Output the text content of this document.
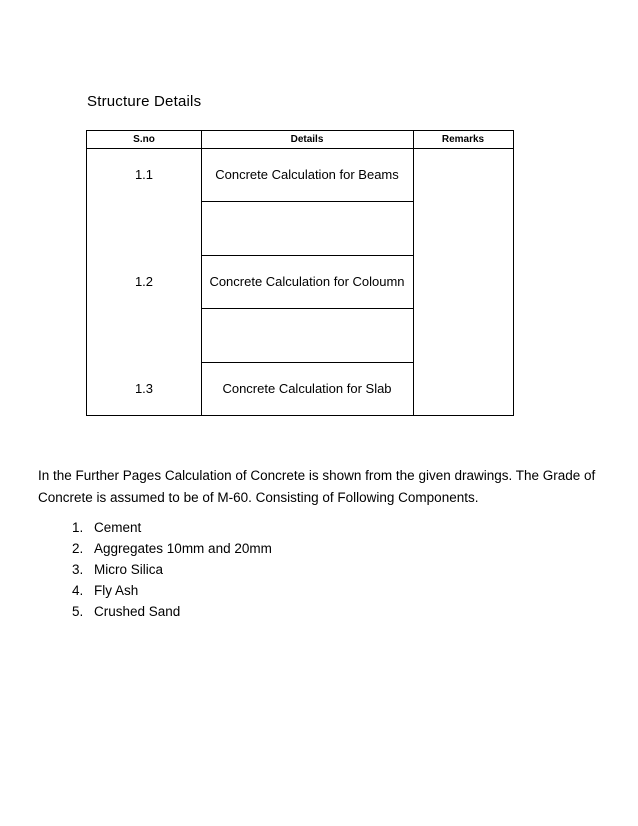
Structure Details
S.no	Details	Remarks
1.1	Concrete Calculation for Beams
1.2	Concrete Calculation for Coloumn
1.3	Concrete Calculation for Slab
In the Further Pages Calculation of Concrete is shown from the given drawings. The Grade of
Concrete is assumed to be of M-60. Consisting of Following Components.
1. Cement
2. Aggregates 10mm and 20mm
3. Micro Silica
4. Fly Ash
5. Crushed Sand
